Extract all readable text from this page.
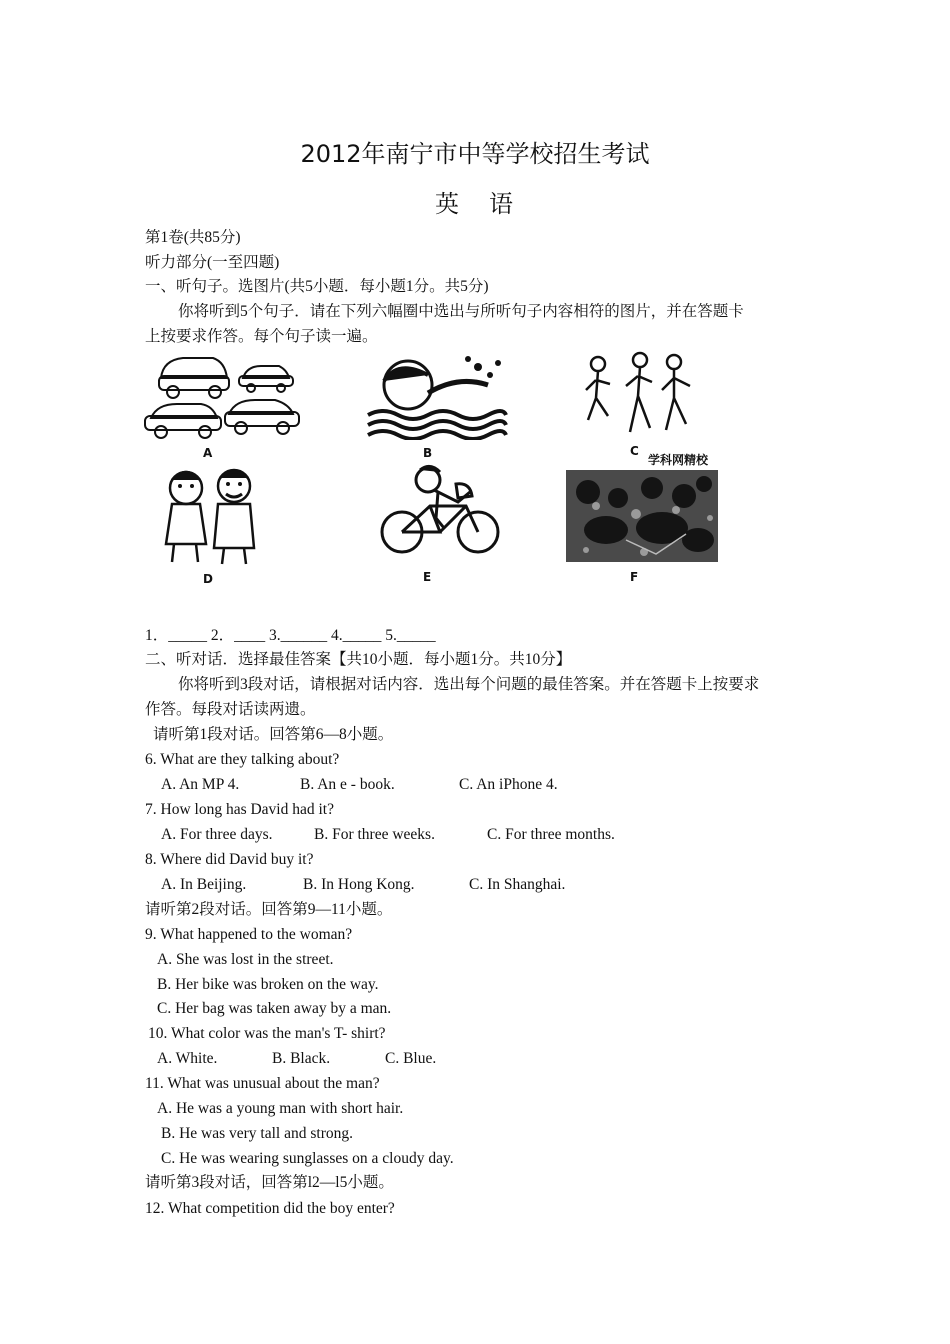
2012年南宁市中等学校招生考试
英 语
第1卷(共85分)
听力部分(一至四题)
一、听句子。选图片(共5小题．每小题1分。共5分)
你将听到5个句子．请在下列六幅圈中选出与所听句子内容相符的图片，并在答题卡
上按要求作答。每个句子读一遍。
A	B	C
学科网精校
D	E	F
1．_____ 2．____ 3.______ 4._____ 5._____
二、听对话．选择最佳答案【共10小题．每小题1分。共10分】
你将听到3段对话，请根据对话内容．选出每个问题的最佳答案。并在答题卡上按要求
作答。每段对话读两遗。
请听第1段对话。回答第6—8小题。
6. What are they talking about?
A. An MP 4.	B. An e - book.	C. An iPhone 4.
7. How long has David had it?
A. For three days.	B. For three weeks.	C. For three months.
8. Where did David buy it?
A. In Beijing.	B. In Hong Kong.	C. In Shanghai.
请听第2段对话。回答第9—11小题。
9. What happened to the woman?
A. She was lost in the street.
B. Her bike was broken on the way.
C. Her bag was taken away by a man.
10. What color was the man's T- shirt?
A. White.	B. Black.	C. Blue.
11. What was unusual about the man?
A. He was a young man with short hair.
B. He was very tall and strong.
C. He was wearing sunglasses on a cloudy day.
请听第3段对话，回答第l2—l5小题。
12. What competition did the boy enter?
